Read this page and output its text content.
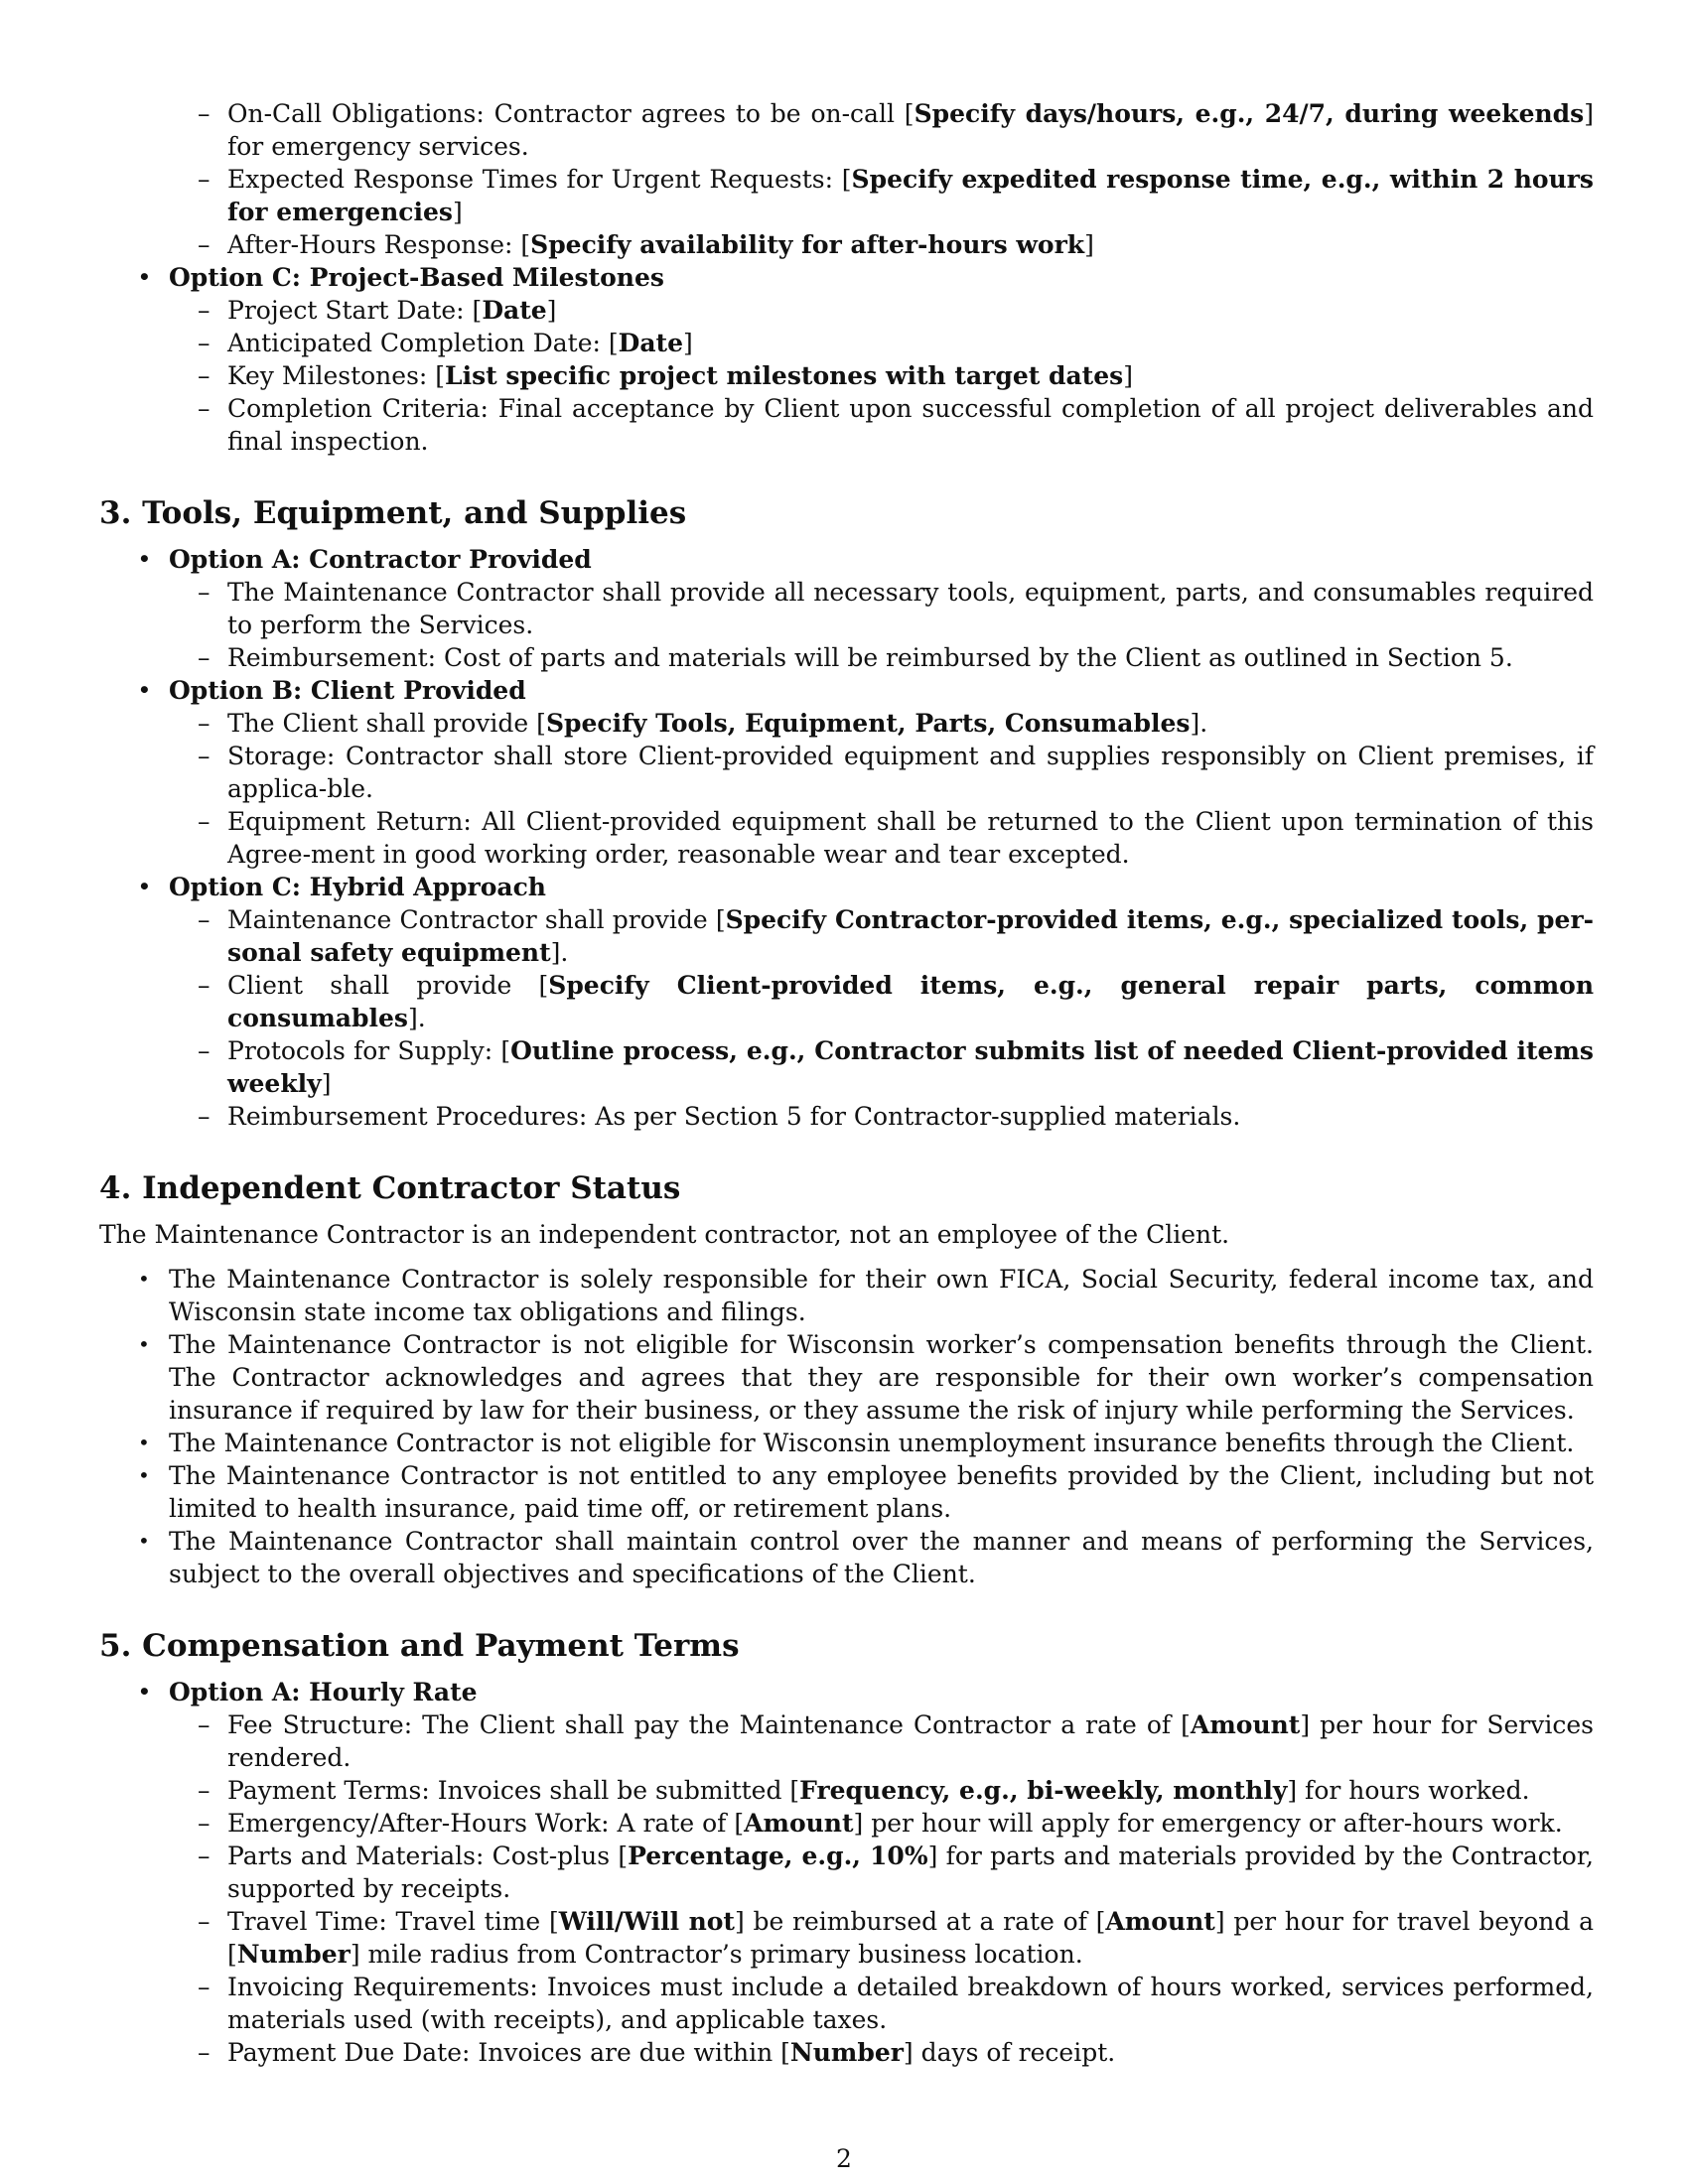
– On-Call Obligations: Contractor agrees to be on-call [Specify days/hours, e.g., 24/7, during weekends] for emergency services.
– Expected Response Times for Urgent Requests: [Specify expedited response time, e.g., within 2 hours for emergencies]
– After-Hours Response: [Specify availability for after-hours work]
• Option C: Project-Based Milestones
– Project Start Date: [Date]
– Anticipated Completion Date: [Date]
– Key Milestones: [List specific project milestones with target dates]
– Completion Criteria: Final acceptance by Client upon successful completion of all project deliverables and final inspection.
3. Tools, Equipment, and Supplies
• Option A: Contractor Provided
– The Maintenance Contractor shall provide all necessary tools, equipment, parts, and consumables required to perform the Services.
– Reimbursement: Cost of parts and materials will be reimbursed by the Client as outlined in Section 5.
• Option B: Client Provided
– The Client shall provide [Specify Tools, Equipment, Parts, Consumables].
– Storage: Contractor shall store Client-provided equipment and supplies responsibly on Client premises, if applica-ble.
– Equipment Return: All Client-provided equipment shall be returned to the Client upon termination of this Agree-ment in good working order, reasonable wear and tear excepted.
• Option C: Hybrid Approach
– Maintenance Contractor shall provide [Specify Contractor-provided items, e.g., specialized tools, per-sonal safety equipment].
– Client shall provide [Specify Client-provided items, e.g., general repair parts, common consumables].
– Protocols for Supply: [Outline process, e.g., Contractor submits list of needed Client-provided items weekly]
– Reimbursement Procedures: As per Section 5 for Contractor-supplied materials.
4. Independent Contractor Status
The Maintenance Contractor is an independent contractor, not an employee of the Client.
• The Maintenance Contractor is solely responsible for their own FICA, Social Security, federal income tax, and Wisconsin state income tax obligations and filings.
• The Maintenance Contractor is not eligible for Wisconsin worker’s compensation benefits through the Client. The Contractor acknowledges and agrees that they are responsible for their own worker’s compensation insurance if required by law for their business, or they assume the risk of injury while performing the Services.
• The Maintenance Contractor is not eligible for Wisconsin unemployment insurance benefits through the Client.
• The Maintenance Contractor is not entitled to any employee benefits provided by the Client, including but not limited to health insurance, paid time off, or retirement plans.
• The Maintenance Contractor shall maintain control over the manner and means of performing the Services, subject to the overall objectives and specifications of the Client.
5. Compensation and Payment Terms
• Option A: Hourly Rate
– Fee Structure: The Client shall pay the Maintenance Contractor a rate of [Amount] per hour for Services rendered.
– Payment Terms: Invoices shall be submitted [Frequency, e.g., bi-weekly, monthly] for hours worked.
– Emergency/After-Hours Work: A rate of [Amount] per hour will apply for emergency or after-hours work.
– Parts and Materials: Cost-plus [Percentage, e.g., 10%] for parts and materials provided by the Contractor, supported by receipts.
– Travel Time: Travel time [Will/Will not] be reimbursed at a rate of [Amount] per hour for travel beyond a [Number] mile radius from Contractor’s primary business location.
– Invoicing Requirements: Invoices must include a detailed breakdown of hours worked, services performed, materials used (with receipts), and applicable taxes.
– Payment Due Date: Invoices are due within [Number] days of receipt.
2
